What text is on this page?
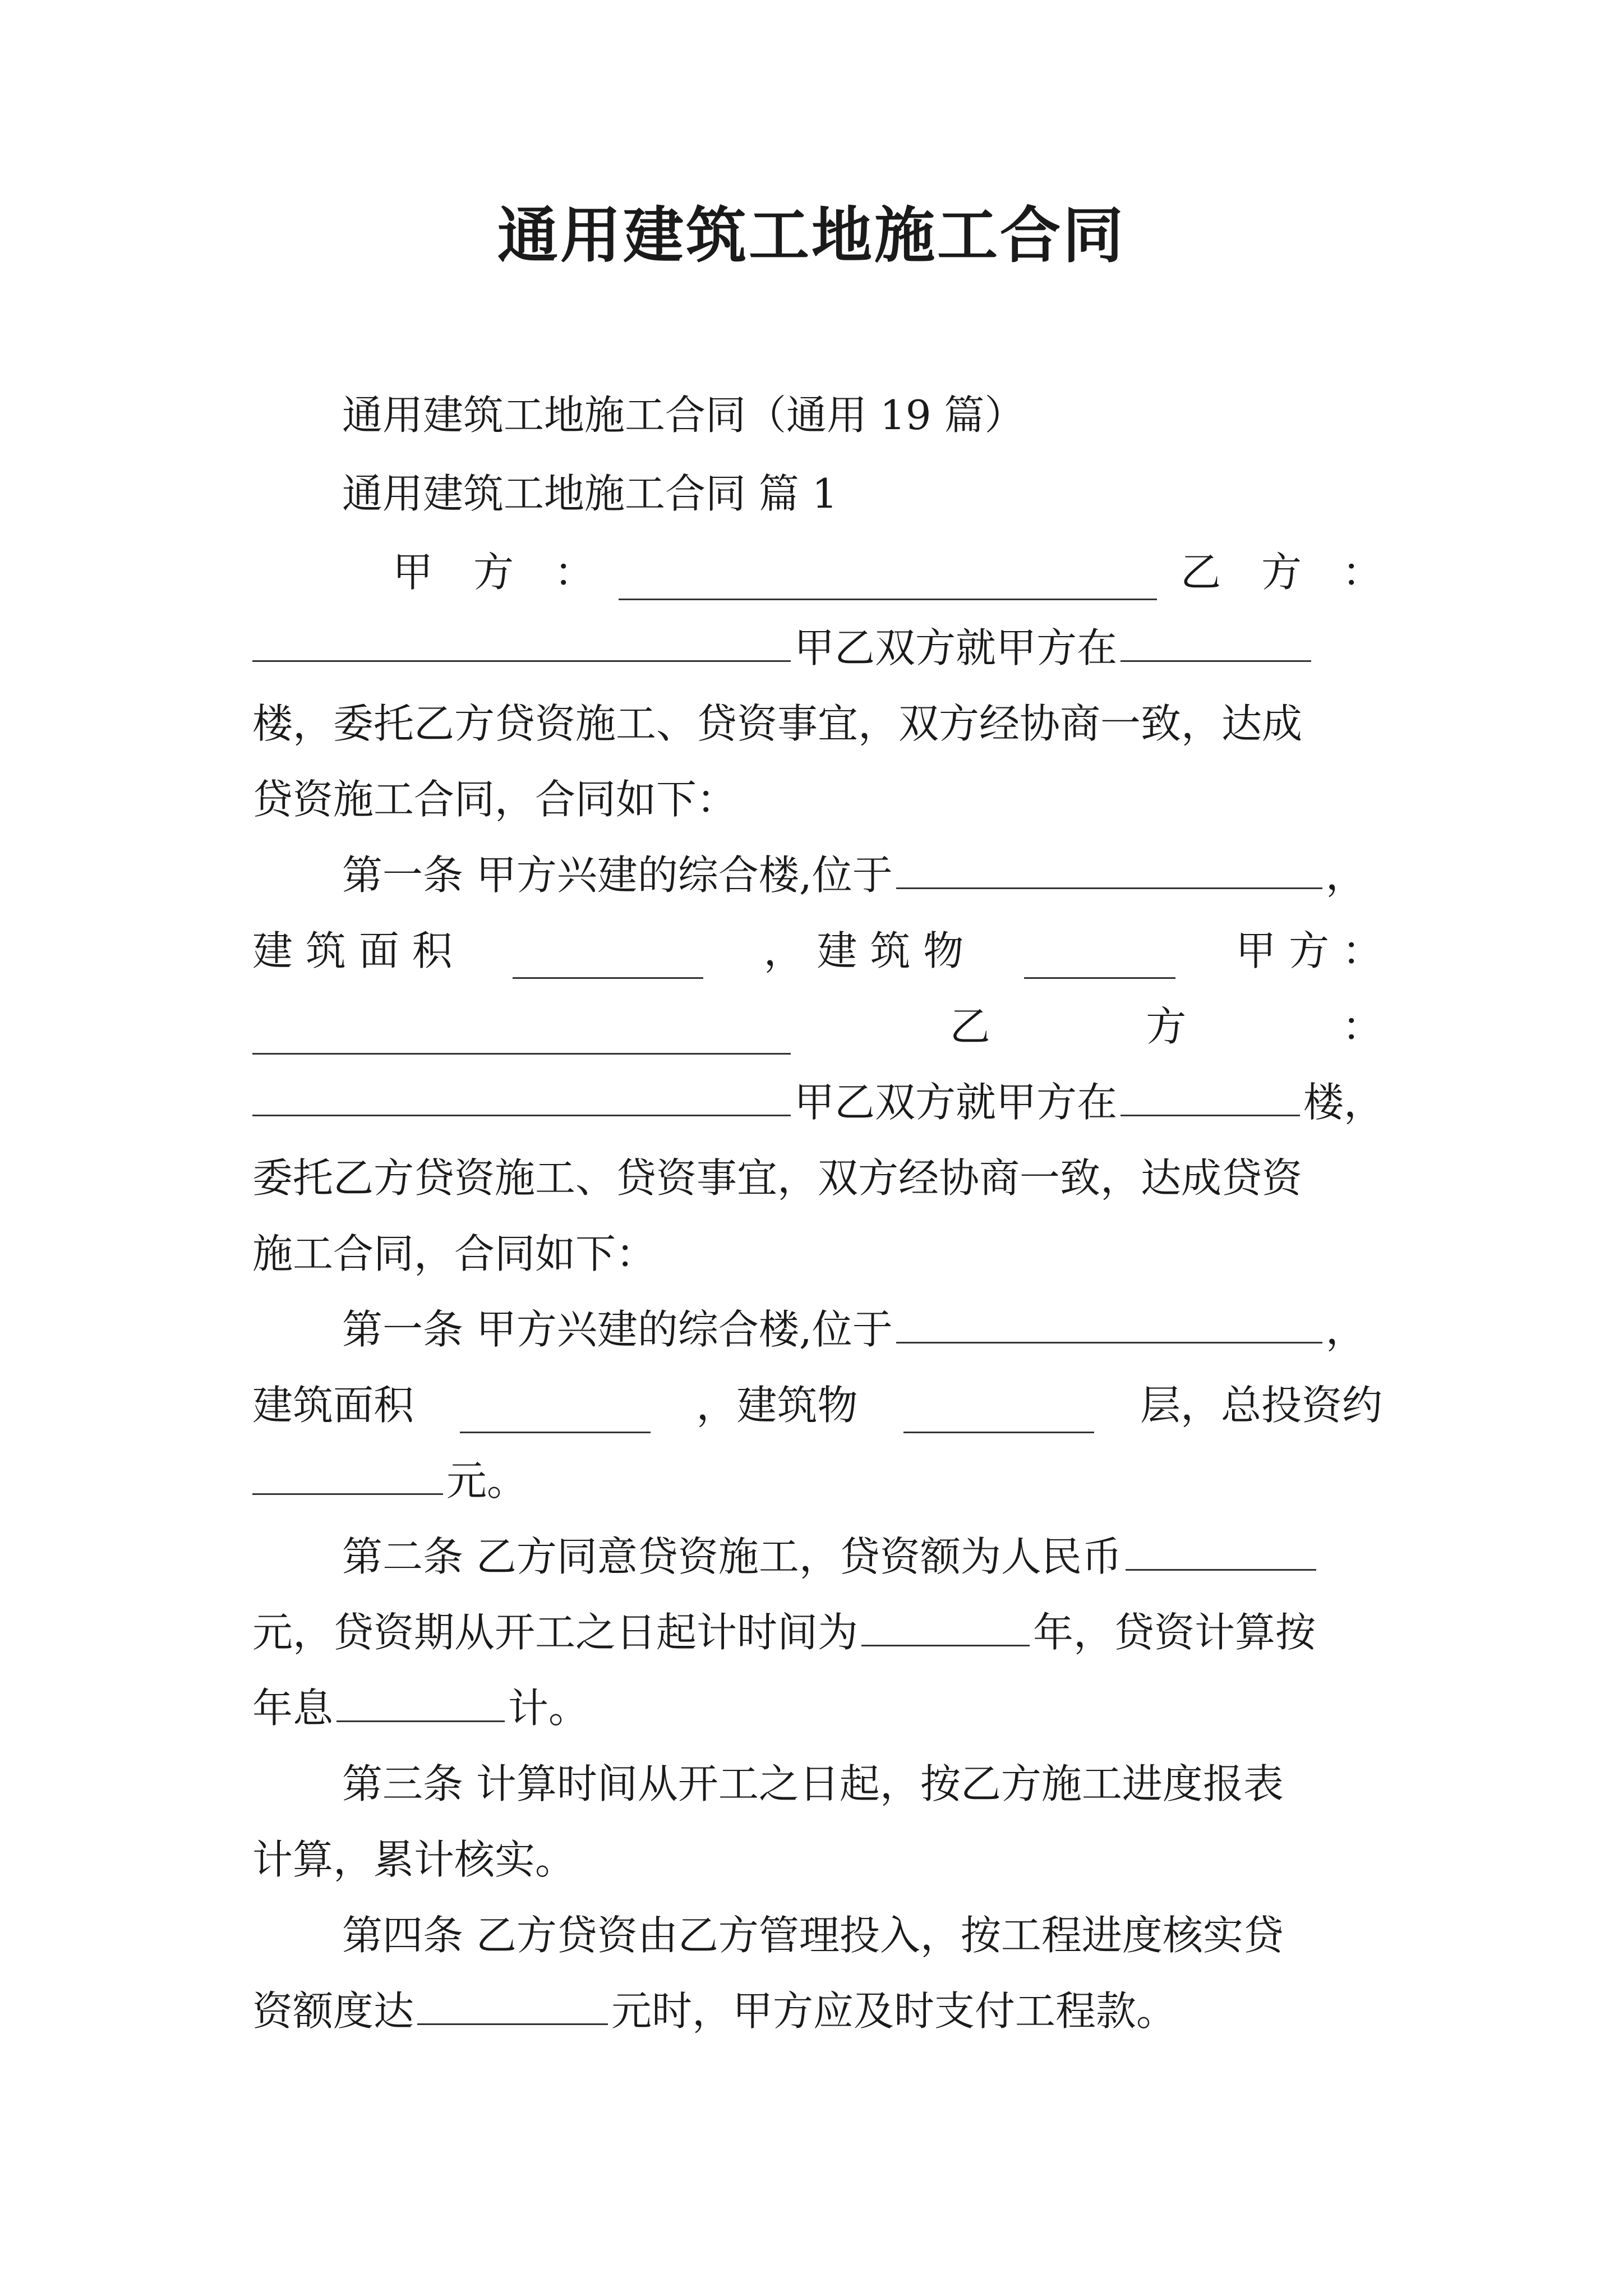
通用建筑工地施工合同
通用建筑工地施工合同（通用 19 篇）
通用建筑工地施工合同 篇 1
甲　方　：	乙　方　：
甲乙双方就甲方在
楼，委托乙方贷资施工、贷资事宜，双方经协商一致，达成
贷资施工合同，合同如下：
第一条 甲方兴建的综合楼,位于	，
建 筑 面 积	， 建 筑 物	甲 方 ：
乙	方	：
甲乙双方就甲方在	楼，
委托乙方贷资施工、贷资事宜，双方经协商一致，达成贷资
施工合同，合同如下：
第一条 甲方兴建的综合楼,位于	，
建筑面积	，建筑物	层，总投资约
元。
第二条 乙方同意贷资施工，贷资额为人民币
元，贷资期从开工之日起计时间为	年，贷资计算按
年息	计。
第三条 计算时间从开工之日起，按乙方施工进度报表
计算，累计核实。
第四条 乙方贷资由乙方管理投入，按工程进度核实贷
资额度达	元时，甲方应及时支付工程款。
